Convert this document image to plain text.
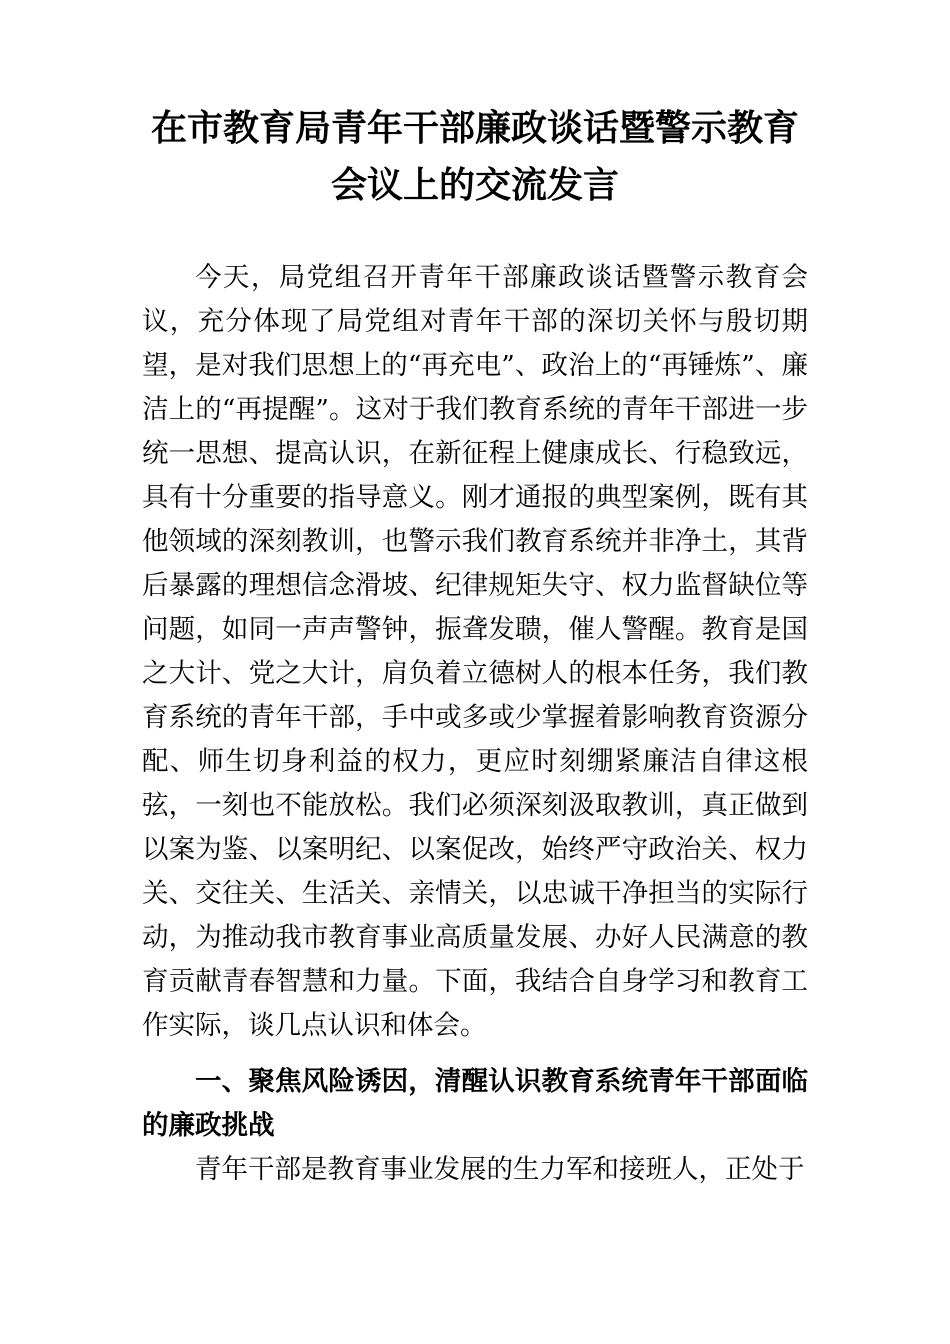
在市教育局青年干部廉政谈话暨警示教育会议上的交流发言

今天，局党组召开青年干部廉政谈话暨警示教育会议，充分体现了局党组对青年干部的深切关怀与殷切期望，是对我们思想上的“再充电”、政治上的“再锤炼”、廉洁上的“再提醒”。这对于我们教育系统的青年干部进一步统一思想、提高认识，在新征程上健康成长、行稳致远，具有十分重要的指导意义。刚才通报的典型案例，既有其他领域的深刻教训，也警示我们教育系统并非净土，其背后暴露的理想信念滑坡、纪律规矩失守、权力监督缺位等问题，如同一声声警钟，振聋发聩，催人警醒。教育是国之大计、党之大计，肩负着立德树人的根本任务，我们教育系统的青年干部，手中或多或少掌握着影响教育资源分配、师生切身利益的权力，更应时刻绷紧廉洁自律这根弦，一刻也不能放松。我们必须深刻汲取教训，真正做到以案为鉴、以案明纪、以案促改，始终严守政治关、权力关、交往关、生活关、亲情关，以忠诚干净担当的实际行动，为推动我市教育事业高质量发展、办好人民满意的教育贡献青春智慧和力量。下面，我结合自身学习和教育工作实际，谈几点认识和体会。

一、聚焦风险诱因，清醒认识教育系统青年干部面临的廉政挑战

青年干部是教育事业发展的生力军和接班人，正处于
